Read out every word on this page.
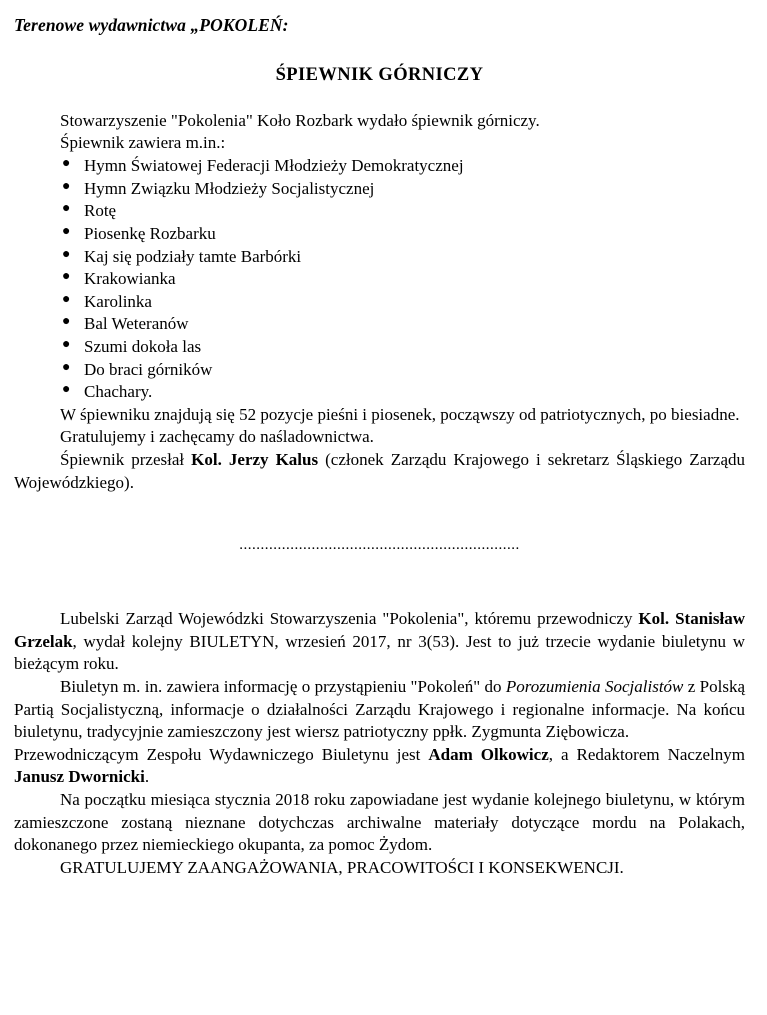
Terenowe wydawnictwa „POKOLEŃ:
ŚPIEWNIK GÓRNICZY

Stowarzyszenie "Pokolenia" Koło Rozbark wydało śpiewnik górniczy.

Śpiewnik zawiera m.in.:

● Hymn Światowej Federacji Młodzieży Demokratycznej
● Hymn Związku Młodzieży Socjalistycznej
● Rotę
● Piosenkę Rozbarku
● Kaj się podziały tamte Barbórki
● Krakowianka
● Karolinka
● Bal Weteranów
● Szumi dokoła las
● Do braci górników
● Chachary.

W śpiewniku znajdują się 52 pozycje pieśni i piosenek, począwszy od patriotycznych, po biesiadne.

Gratulujemy i zachęcamy do naśladownictwa.

Śpiewnik przesłał Kol. Jerzy Kalus (członek Zarządu Krajowego i sekretarz Śląskiego Zarządu Wojewódzkiego).

..................................................................

Lubelski Zarząd Wojewódzki Stowarzyszenia "Pokolenia", któremu przewodniczy Kol. Stanisław Grzelak, wydał kolejny BIULETYN, wrzesień 2017, nr 3(53). Jest to już trzecie wydanie biuletynu w bieżącym roku.

Biuletyn m. in. zawiera informację o przystąpieniu "Pokoleń" do Porozumienia Socjalistów z Polską Partią Socjalistyczną, informacje o działalności Zarządu Krajowego i regionalne informacje. Na końcu biuletynu, tradycyjnie zamieszczony jest wiersz patriotyczny ppłk. Zygmunta Ziębowicza.

Przewodniczącym Zespołu Wydawniczego Biuletynu jest Adam Olkowicz, a Redaktorem Naczelnym Janusz Dwornicki.

Na początku miesiąca stycznia 2018 roku zapowiadane jest wydanie kolejnego biuletynu, w którym zamieszczone zostaną nieznane dotychczas archiwalne materiały dotyczące mordu na Polakach, dokonanego przez niemieckiego okupanta, za pomoc Żydom.

GRATULUJEMY ZAANGAŻOWANIA, PRACOWITOŚCI I KONSEKWENCJI.
